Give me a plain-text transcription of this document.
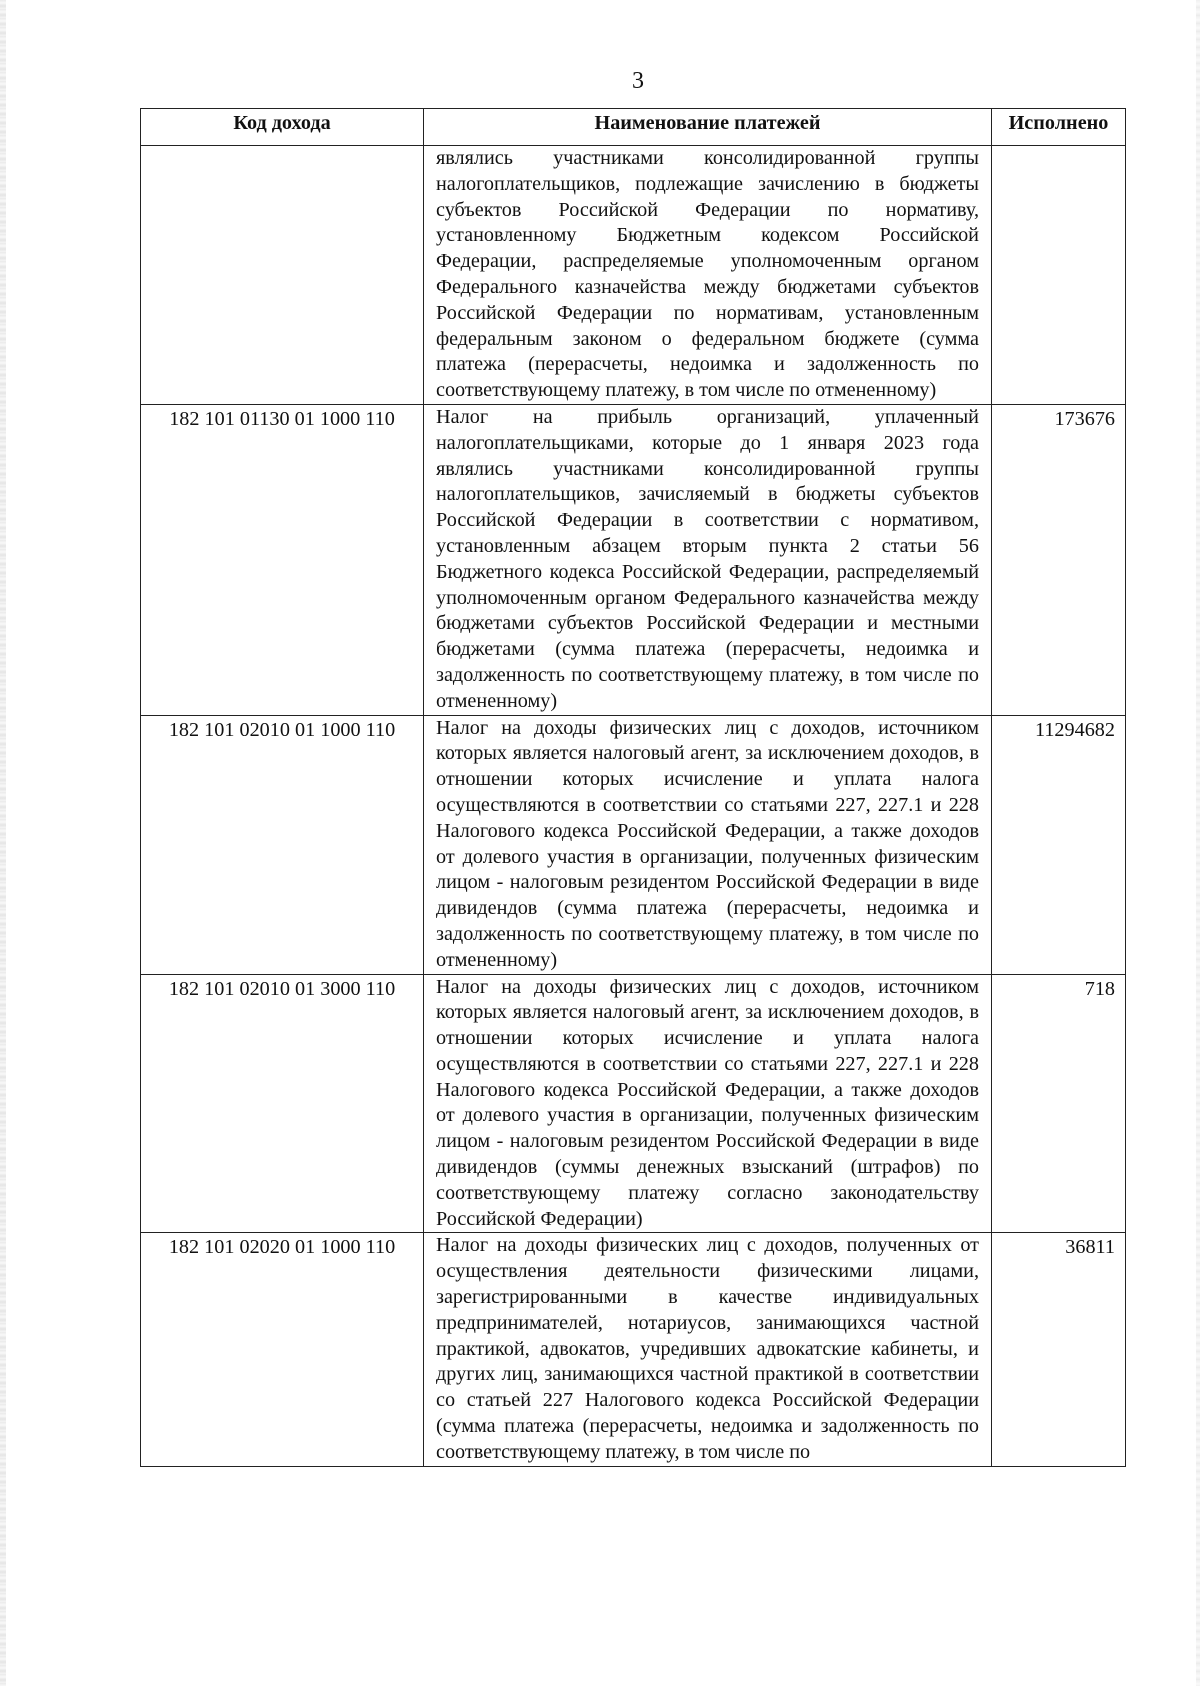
3
Код дохода	Наименование платежей	Исполнено
	являлись участниками консолидированной группы налогоплательщиков, подлежащие зачислению в бюджеты субъектов Российской Федерации по нормативу, установленному Бюджетным кодексом Российской Федерации, распределяемые уполномоченным органом Федерального казначейства между бюджетами субъектов Российской Федерации по нормативам, установленным федеральным законом о федеральном бюджете (сумма платежа (перерасчеты, недоимка и задолженность по соответствующему платежу, в том числе по отмененному)	
182 101 01130 01 1000 110	Налог на прибыль организаций, уплаченный налогоплательщиками, которые до 1 января 2023 года являлись участниками консолидированной группы налогоплательщиков, зачисляемый в бюджеты субъектов Российской Федерации в соответствии с нормативом, установленным абзацем вторым пункта 2 статьи 56 Бюджетного кодекса Российской Федерации, распределяемый уполномоченным органом Федерального казначейства между бюджетами субъектов Российской Федерации и местными бюджетами (сумма платежа (перерасчеты, недоимка и задолженность по соответствующему платежу, в том числе по отмененному)	173676
182 101 02010 01 1000 110	Налог на доходы физических лиц с доходов, источником которых является налоговый агент, за исключением доходов, в отношении которых исчисление и уплата налога осуществляются в соответствии со статьями 227, 227.1 и 228 Налогового кодекса Российской Федерации, а также доходов от долевого участия в организации, полученных физическим лицом - налоговым резидентом Российской Федерации в виде дивидендов (сумма платежа (перерасчеты, недоимка и задолженность по соответствующему платежу, в том числе по отмененному)	11294682
182 101 02010 01 3000 110	Налог на доходы физических лиц с доходов, источником которых является налоговый агент, за исключением доходов, в отношении которых исчисление и уплата налога осуществляются в соответствии со статьями 227, 227.1 и 228 Налогового кодекса Российской Федерации, а также доходов от долевого участия в организации, полученных физическим лицом - налоговым резидентом Российской Федерации в виде дивидендов (суммы денежных взысканий (штрафов) по соответствующему платежу согласно законодательству Российской Федерации)	718
182 101 02020 01 1000 110	Налог на доходы физических лиц с доходов, полученных от осуществления деятельности физическими лицами, зарегистрированными в качестве индивидуальных предпринимателей, нотариусов, занимающихся частной практикой, адвокатов, учредивших адвокатские кабинеты, и других лиц, занимающихся частной практикой в соответствии со статьей 227 Налогового кодекса Российской Федерации (сумма платежа (перерасчеты, недоимка и задолженность по соответствующему платежу, в том числе по	36811
